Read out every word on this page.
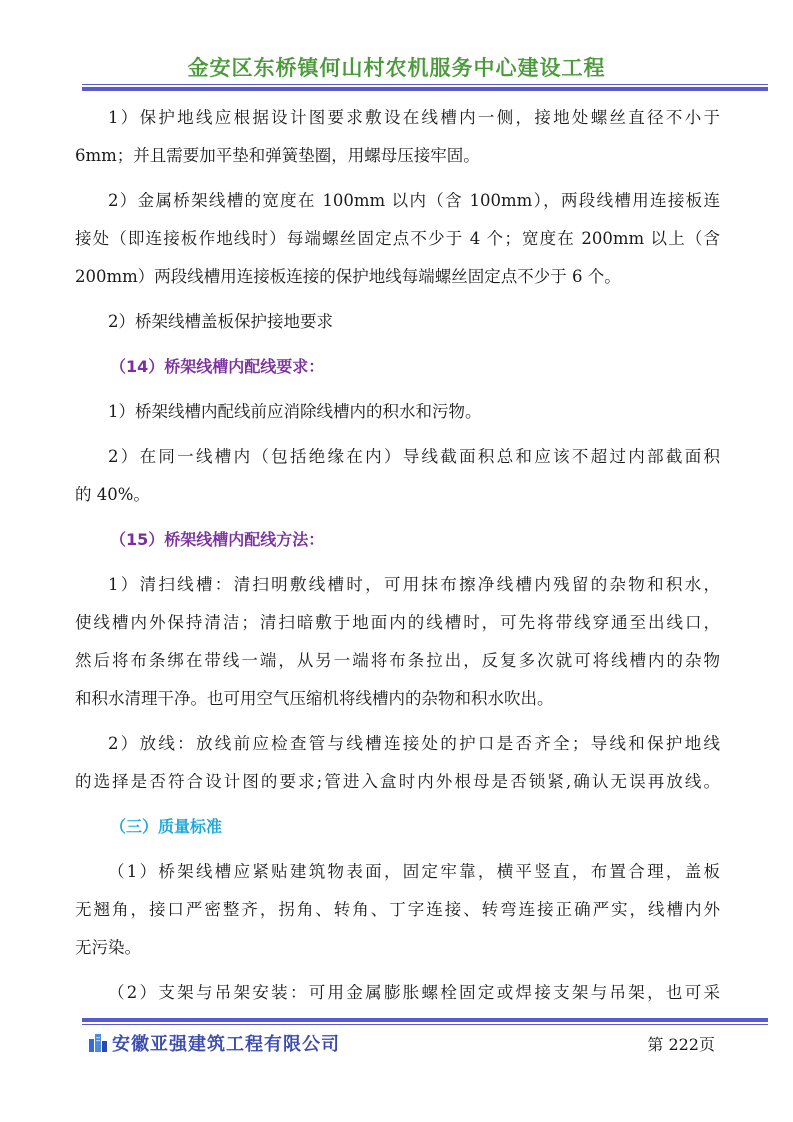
金安区东桥镇何山村农机服务中心建设工程
1）保护地线应根据设计图要求敷设在线槽内一侧，接地处螺丝直径不小于
6mm；并且需要加平垫和弹簧垫圈，用螺母压接牢固。
2）金属桥架线槽的宽度在 100mm 以内（含 100mm），两段线槽用连接板连
接处（即连接板作地线时）每端螺丝固定点不少于 4 个；宽度在 200mm 以上（含
200mm）两段线槽用连接板连接的保护地线每端螺丝固定点不少于 6 个。
2）桥架线槽盖板保护接地要求
（14）桥架线槽内配线要求：
1）桥架线槽内配线前应消除线槽内的积水和污物。
2）在同一线槽内（包括绝缘在内）导线截面积总和应该不超过内部截面积
的 40%。
（15）桥架线槽内配线方法：
1）清扫线槽：清扫明敷线槽时，可用抹布擦净线槽内残留的杂物和积水，
使线槽内外保持清洁；清扫暗敷于地面内的线槽时，可先将带线穿通至出线口，
然后将布条绑在带线一端，从另一端将布条拉出，反复多次就可将线槽内的杂物
和积水清理干净。也可用空气压缩机将线槽内的杂物和积水吹出。
2）放线：放线前应检查管与线槽连接处的护口是否齐全；导线和保护地线
的选择是否符合设计图的要求;管进入盒时内外根母是否锁紧,确认无误再放线。
（三）质量标准
（1）桥架线槽应紧贴建筑物表面，固定牢靠，横平竖直，布置合理，盖板
无翘角，接口严密整齐，拐角、转角、丁字连接、转弯连接正确严实，线槽内外
无污染。
（2）支架与吊架安装：可用金属膨胀螺栓固定或焊接支架与吊架，也可采
安徽亚强建筑工程有限公司	第 222页
